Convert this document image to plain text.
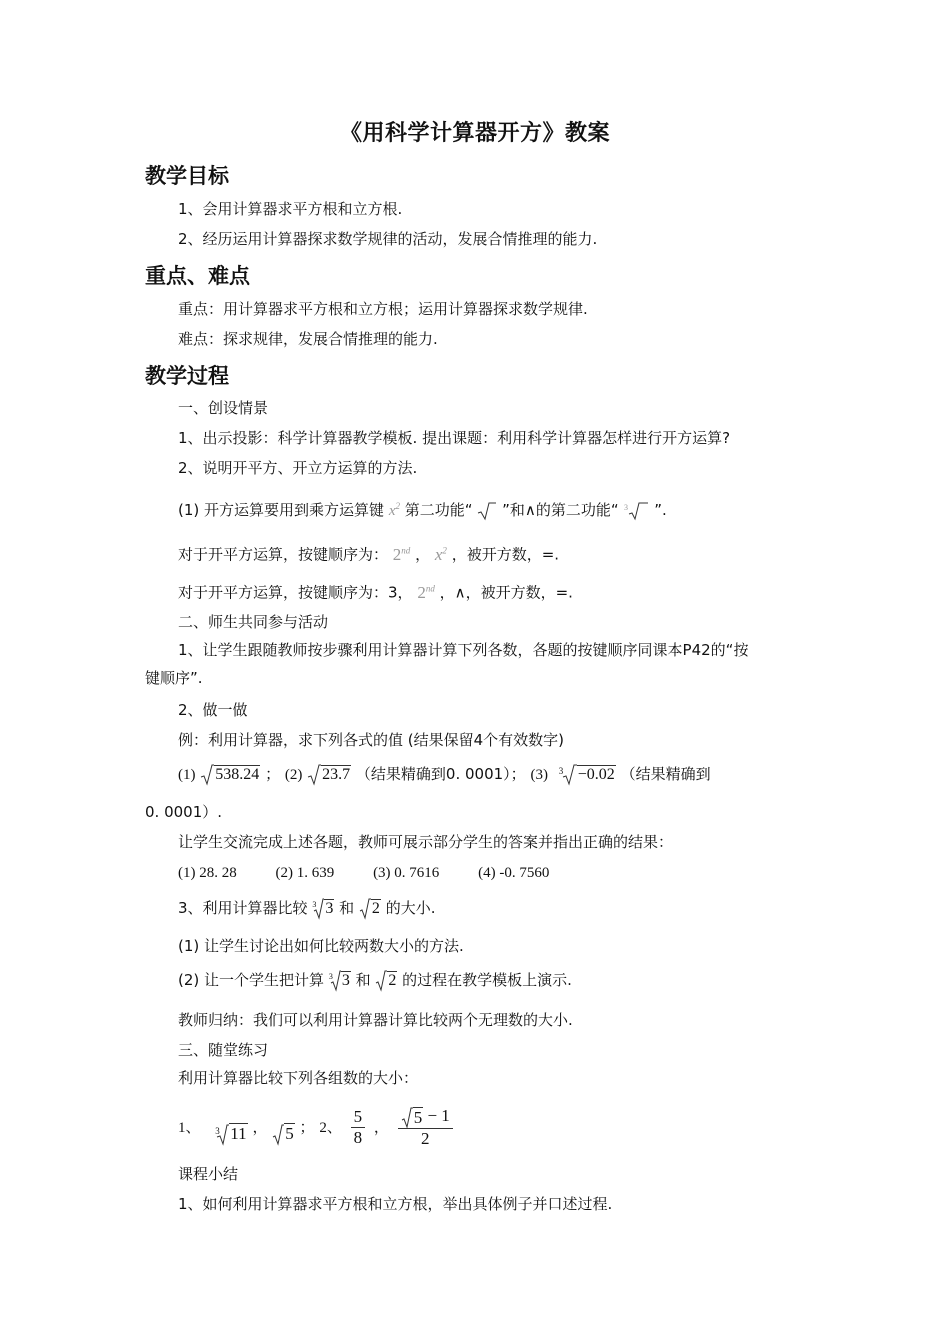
《用科学计算器开方》教案
教学目标
1、会用计算器求平方根和立方根.
2、经历运用计算器探求数学规律的活动，发展合情推理的能力.
重点、难点
重点：用计算器求平方根和立方根；运用计算器探求数学规律.
难点：探求规律，发展合情推理的能力.
教学过程
一、创设情景
1、出示投影：科学计算器教学模板. 提出课题：利用科学计算器怎样进行开方运算?
2、说明开平方、开立方运算的方法.
(1) 开方运算要用到乘方运算键 $x^2$ 第二功能“ ”和∧的第二功能“ 3 ”.
对于开平方运算，按键顺序为： 2nd ， $x^2$ ，被开方数，=.
对于开平方运算，按键顺序为：3， 2nd ，∧，被开方数，=.
二、师生共同参与活动
1、让学生跟随教师按步骤利用计算器计算下列各数，各题的按键顺序同课本P42的“按
键顺序”.
2、做一做
例：利用计算器，求下列各式的值 (结果保留4个有效数字)
(1) 538.24 ； (2) 23.7 （结果精确到0. 0001）； (3) 3 −0.02 （结果精确到
0. 0001）.
让学生交流完成上述各题，教师可展示部分学生的答案并指出正确的结果：
(1) 28. 28	(2) 1. 639	(3) 0. 7616	(4) -0. 7560
3、利用计算器比较 3 3 和 2 的大小.
(1) 让学生讨论出如何比较两数大小的方法.
(2) 让一个学生把计算 3 3 和 2 的过程在教学模板上演示.
教师归纳：我们可以利用计算器计算比较两个无理数的大小.
三、随堂练习
利用计算器比较下列各组数的大小：
1、 3 11 ， 5 ； 2、 $\frac{5}{8}$ ， $\frac{5 - 1}{2}$
课程小结
1、如何利用计算器求平方根和立方根，举出具体例子并口述过程.
